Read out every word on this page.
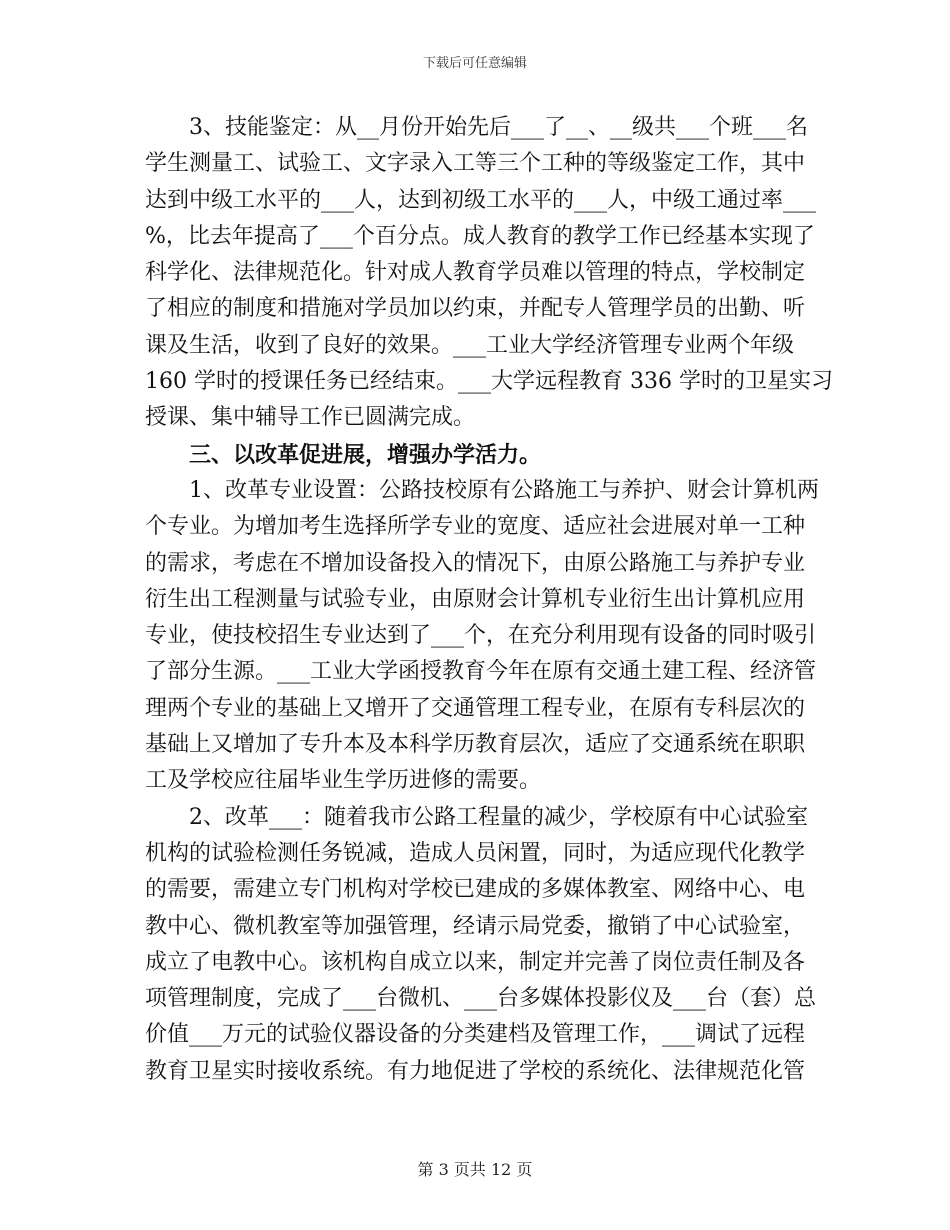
下载后可任意编辑

3、技能鉴定：从__月份开始先后___了__、__级共___个班___名
学生测量工、试验工、文字录入工等三个工种的等级鉴定工作，其中
达到中级工水平的___人，达到初级工水平的___人，中级工通过率___
%，比去年提高了___个百分点。成人教育的教学工作已经基本实现了
科学化、法律规范化。针对成人教育学员难以管理的特点，学校制定
了相应的制度和措施对学员加以约束，并配专人管理学员的出勤、听
课及生活，收到了良好的效果。___工业大学经济管理专业两个年级
160 学时的授课任务已经结束。___大学远程教育 336 学时的卫星实习
授课、集中辅导工作已圆满完成。

三、以改革促进展，增强办学活力。

1、改革专业设置：公路技校原有公路施工与养护、财会计算机两
个专业。为增加考生选择所学专业的宽度、适应社会进展对单一工种
的需求，考虑在不增加设备投入的情况下，由原公路施工与养护专业
衍生出工程测量与试验专业，由原财会计算机专业衍生出计算机应用
专业，使技校招生专业达到了___个，在充分利用现有设备的同时吸引
了部分生源。___工业大学函授教育今年在原有交通土建工程、经济管
理两个专业的基础上又增开了交通管理工程专业，在原有专科层次的
基础上又增加了专升本及本科学历教育层次，适应了交通系统在职职
工及学校应往届毕业生学历进修的需要。

2、改革___：随着我市公路工程量的减少，学校原有中心试验室
机构的试验检测任务锐减，造成人员闲置，同时，为适应现代化教学
的需要，需建立专门机构对学校已建成的多媒体教室、网络中心、电
教中心、微机教室等加强管理，经请示局党委，撤销了中心试验室，
成立了电教中心。该机构自成立以来，制定并完善了岗位责任制及各
项管理制度，完成了___台微机、___台多媒体投影仪及___台（套）总
价值___万元的试验仪器设备的分类建档及管理工作，___调试了远程
教育卫星实时接收系统。有力地促进了学校的系统化、法律规范化管

第 3 页共 12 页
